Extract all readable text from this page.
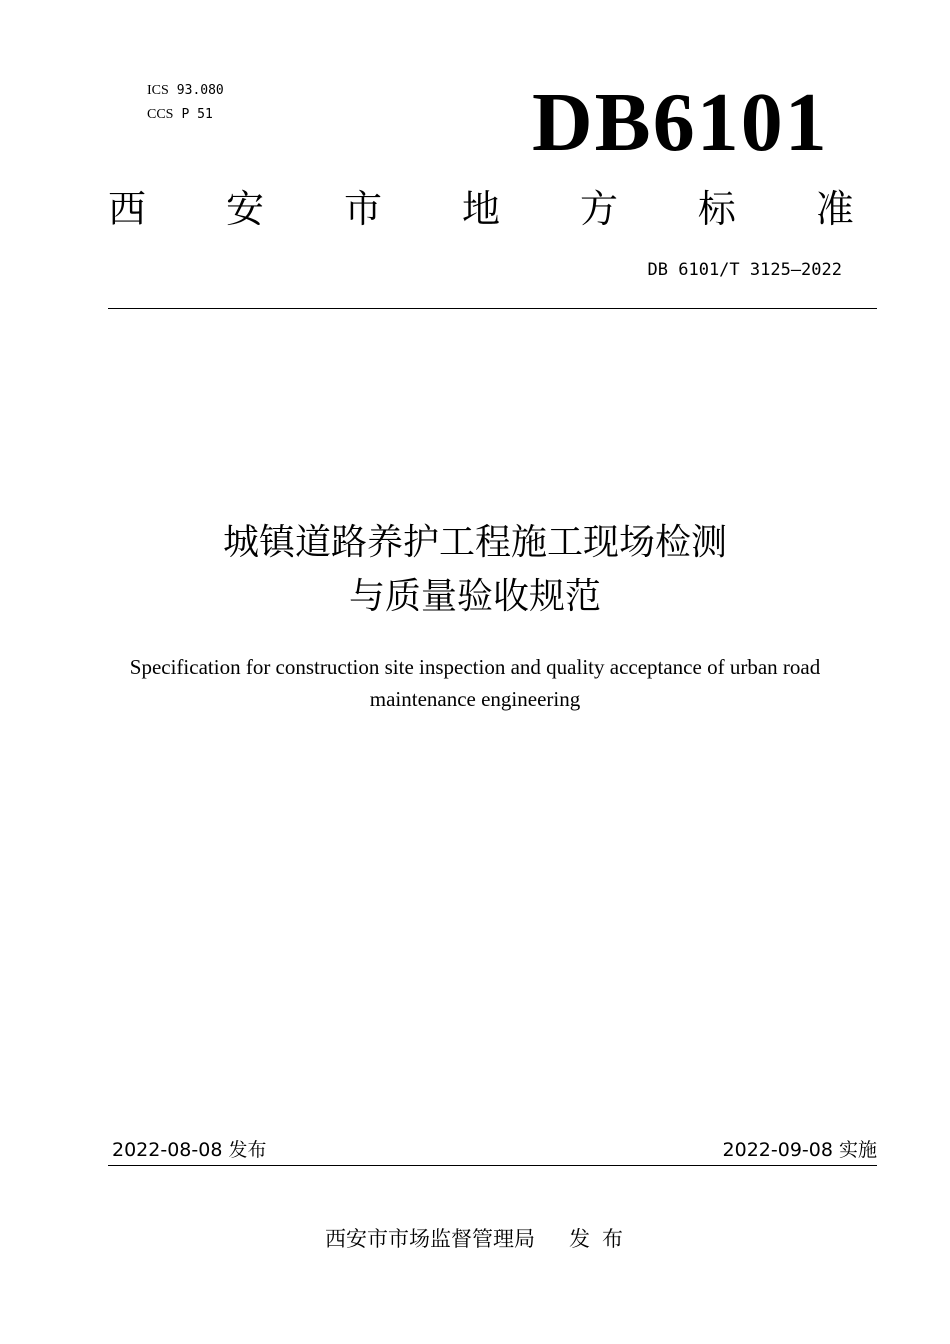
ICS 93.080
CCS P 51	DB6101
西 安 市 地 方 标 准
DB 6101/T 3125—2022
城镇道路养护工程施工现场检测
与质量验收规范
Specification for construction site inspection and quality acceptance of urban road maintenance engineering
2022-08-08 发布	2022-09-08 实施
西安市市场监督管理局 发布
